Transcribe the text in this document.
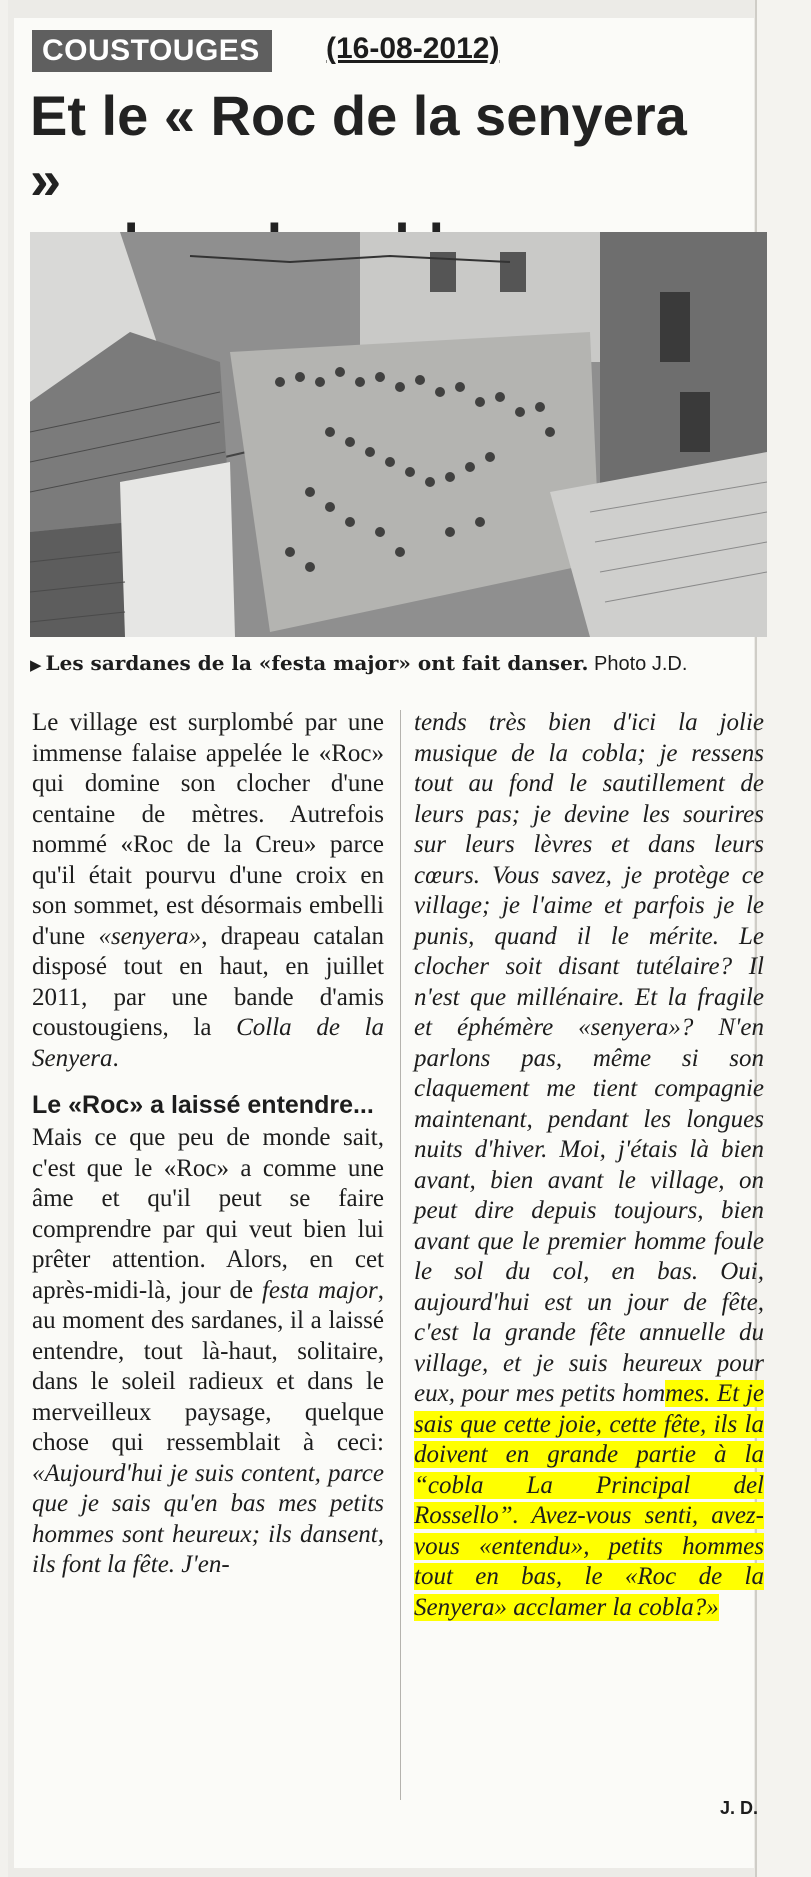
COUSTOUGES	(16-08-2012)
Et le « Roc de la senyera »
▶ Les sardanes de la «festa major» ont fait danser. Photo J.D.

Le village est surplombé par une immense falaise appelée le «Roc» qui domine son clocher d'une centaine de mètres. Autrefois nommé «Roc de la Creu» parce qu'il était pourvu d'une croix en son sommet, est désormais embelli d'une «senyera», drapeau catalan disposé tout en haut, en juillet 2011, par une bande d'amis coustougiens, la Colla de la Senyera.

Le «Roc» a laissé entendre...

Mais ce que peu de monde sait, c'est que le «Roc» a comme une âme et qu'il peut se faire comprendre par qui veut bien lui prêter attention. Alors, en cet après-midi-là, jour de festa major, au moment des sardanes, il a laissé entendre, tout là-haut, solitaire, dans le soleil radieux et dans le merveilleux paysage, quelque chose qui ressemblait à ceci: «Aujourd'hui je suis content, parce que je sais qu'en bas mes petits hommes sont heureux; ils dansent, ils font la fête. J'en-

tends très bien d'ici la jolie musique de la cobla; je ressens tout au fond le sautillement de leurs pas; je devine les sourires sur leurs lèvres et dans leurs cœurs. Vous savez, je protège ce village; je l'aime et parfois je le punis, quand il le mérite. Le clocher soit disant tutélaire? Il n'est que millénaire. Et la fragile et éphémère «senyera»? N'en parlons pas, même si son claquement me tient compagnie maintenant, pendant les longues nuits d'hiver. Moi, j'étais là bien avant, bien avant le village, on peut dire depuis toujours, bien avant que le premier homme foule le sol du col, en bas. Oui, aujourd'hui est un jour de fête, c'est la grande fête annuelle du village, et je suis heureux pour eux, pour mes petits hommes. Et je sais que cette joie, cette fête, ils la doivent en grande partie à la “cobla La Principal del Rossello”. Avez-vous senti, avez-vous «entendu», petits hommes tout en bas, le «Roc de la Senyera» acclamer la cobla?»

J. D.
